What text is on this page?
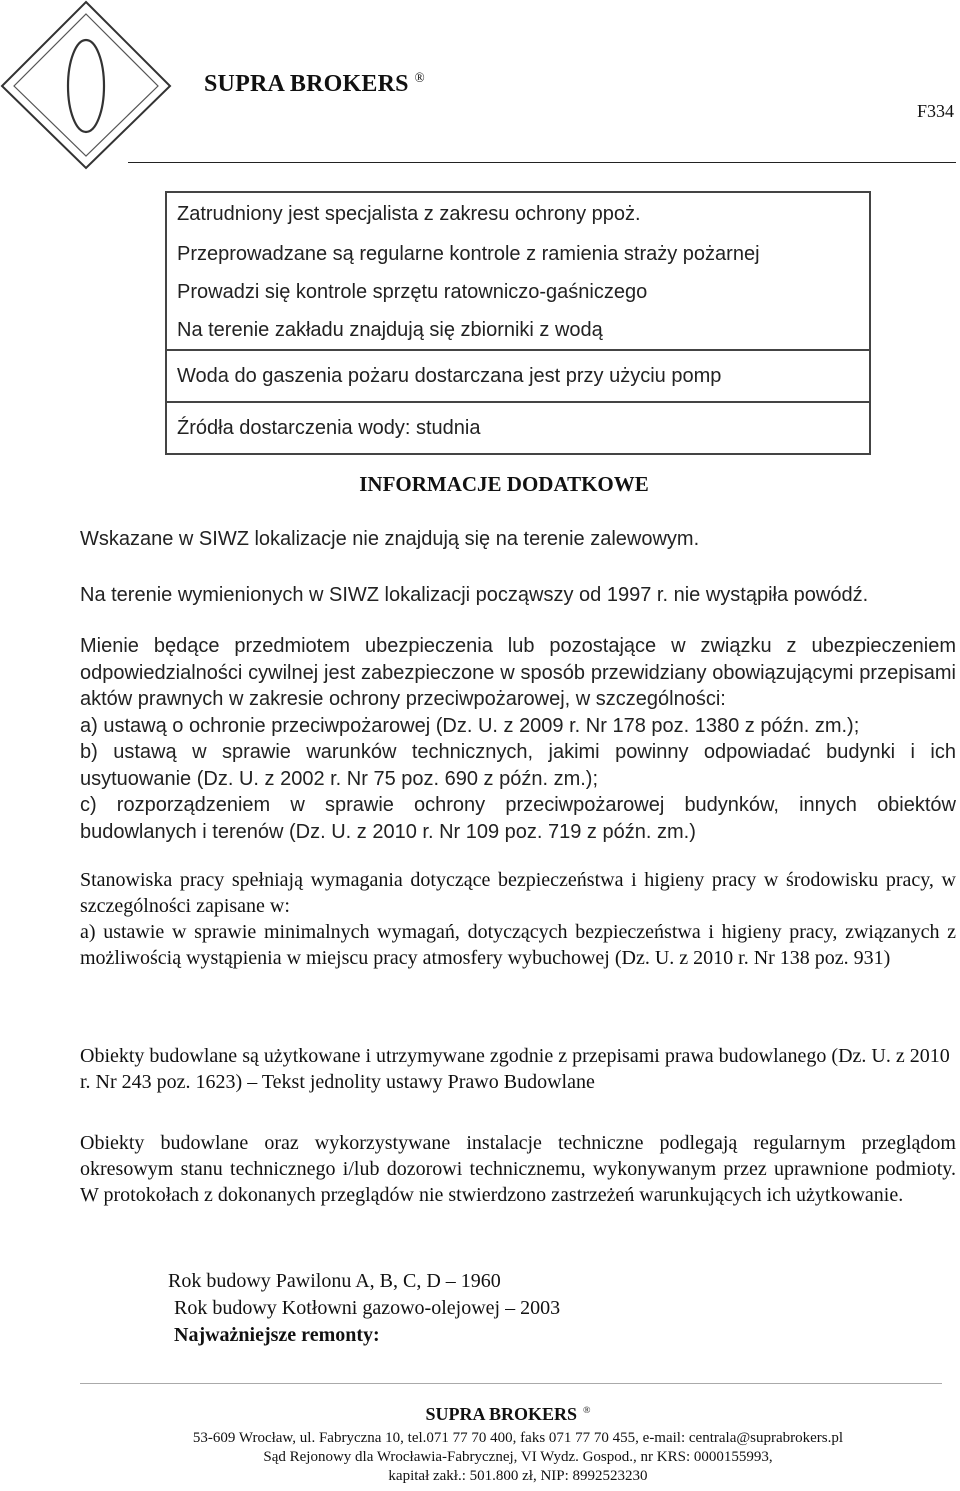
SUPRA BROKERS ®
F334
Zatrudniony jest specjalista z zakresu ochrony ppoż.
Przeprowadzane są regularne kontrole z ramienia straży pożarnej
Prowadzi się kontrole sprzętu ratowniczo-gaśniczego
Na terenie zakładu znajdują się zbiorniki z wodą
Woda do gaszenia pożaru dostarczana jest przy użyciu pomp
Źródła dostarczenia wody: studnia
INFORMACJE DODATKOWE
Wskazane w SIWZ lokalizacje nie znajdują się na terenie zalewowym.
Na terenie wymienionych w SIWZ lokalizacji począwszy od 1997 r. nie wystąpiła powódź.

Mienie będące przedmiotem ubezpieczenia lub pozostające w związku z ubezpieczeniem odpowiedzialności cywilnej jest zabezpieczone w sposób przewidziany obowiązującymi przepisami aktów prawnych w zakresie ochrony przeciwpożarowej, w szczególności:

a) ustawą o ochronie przeciwpożarowej (Dz. U. z 2009 r. Nr 178 poz. 1380 z późn. zm.);

b) ustawą w sprawie warunków technicznych, jakimi powinny odpowiadać budynki i ich usytuowanie (Dz. U. z 2002 r. Nr 75 poz. 690 z późn. zm.);

c) rozporządzeniem w sprawie ochrony przeciwpożarowej budynków, innych obiektów budowlanych i terenów (Dz. U. z 2010 r. Nr 109 poz. 719 z późn. zm.)

Stanowiska pracy spełniają wymagania dotyczące bezpieczeństwa i higieny pracy w środowisku pracy, w szczególności zapisane w:

a) ustawie w sprawie minimalnych wymagań, dotyczących bezpieczeństwa i higieny pracy, związanych z możliwością wystąpienia w miejscu pracy atmosfery wybuchowej (Dz. U. z 2010 r. Nr 138 poz. 931)

Obiekty budowlane są użytkowane i utrzymywane zgodnie z przepisami prawa budowlanego (Dz. U. z 2010 r. Nr 243 poz. 1623) – Tekst jednolity ustawy Prawo Budowlane

Obiekty budowlane oraz wykorzystywane instalacje techniczne podlegają regularnym przeglądom okresowym stanu technicznego i/lub dozorowi technicznemu, wykonywanym przez uprawnione podmioty. W protokołach z dokonanych przeglądów nie stwierdzono zastrzeżeń warunkujących ich użytkowanie.
Rok budowy Pawilonu A, B, C, D – 1960
Rok budowy Kotłowni gazowo-olejowej – 2003
Najważniejsze remonty:
SUPRA BROKERS ®
53-609 Wrocław, ul. Fabryczna 10, tel.071 77 70 400, faks 071 77 70 455, e-mail: centrala@suprabrokers.pl
Sąd Rejonowy dla Wrocławia-Fabrycznej, VI Wydz. Gospod., nr KRS: 0000155993,
kapitał zakł.: 501.800 zł, NIP: 8992523230
